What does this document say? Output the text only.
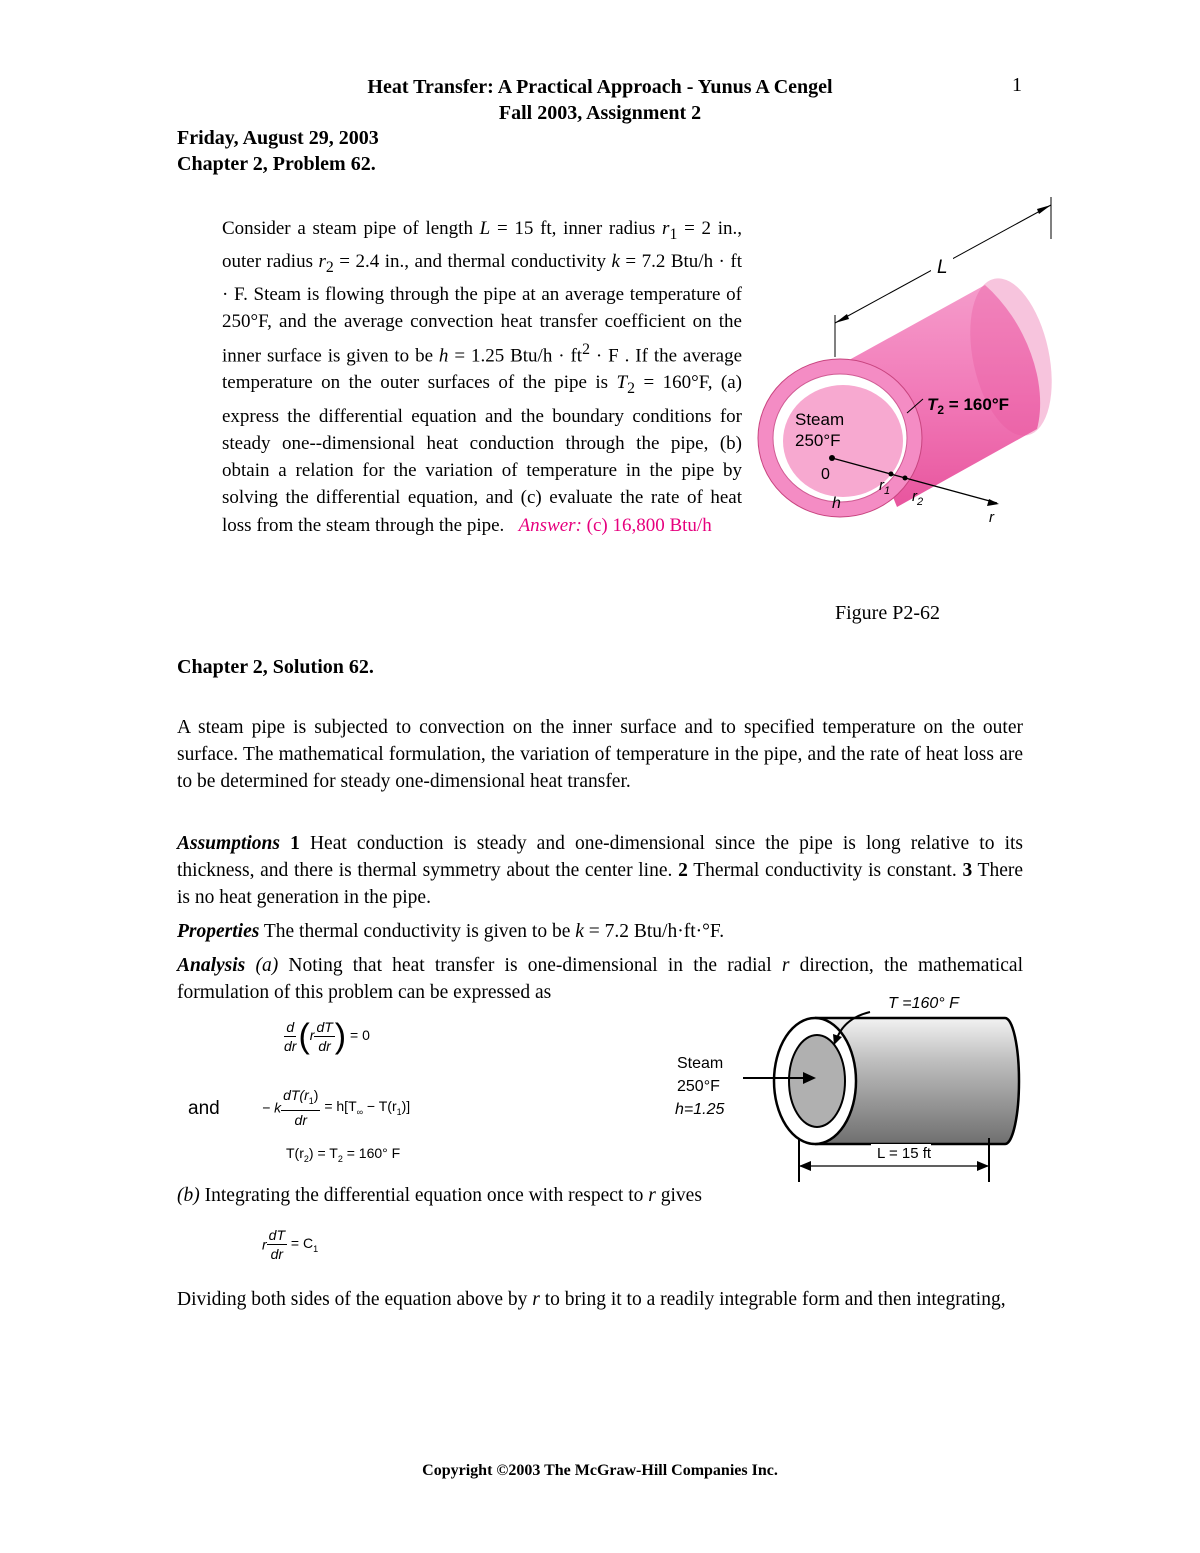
Heat Transfer: A Practical Approach - Yunus A Cengel	1
Fall 2003, Assignment 2
Friday, August 29, 2003
Chapter 2, Problem 62.
Consider a steam pipe of length L = 15 ft, inner radius $r_1 = 2$ in., outer radius $r_2 = 2.4$ in., and thermal conductivity k = 7.2 Btu/h · ft · F. Steam is flowing through the pipe at an average temperature of 250°F, and the average convection heat transfer coefficient on the inner surface is given to be h = 1.25 $Btu/h \cdot ft^2 \cdot F$ . If the average temperature on the outer surfaces of the pipe is $T_2 = 160^\circ F$, (a) express the differential equation and the boundary conditions for steady one--dimensional heat conduction through the pipe, (b) obtain a relation for the variation of temperature in the pipe by solving the differential equation, and (c) evaluate the rate of heat loss from the steam through the pipe. Answer: (c) 16,800 Btu/h
L
Steam
250°F
0
h
$r_1$ $r_2$
r
$T_2 = 160^\circ F$
Figure P2-62
Chapter 2, Solution 62.
A steam pipe is subjected to convection on the inner surface and to specified temperature on the outer surface. The mathematical formulation, the variation of temperature in the pipe, and the rate of heat loss are to be determined for steady one-dimensional heat transfer.
Assumptions 1 Heat conduction is steady and one-dimensional since the pipe is long relative to its thickness, and there is thermal symmetry about the center line. 2 Thermal conductivity is constant. 3 There is no heat generation in the pipe.
Properties The thermal conductivity is given to be k = 7.2 Btu/h·ft·°F.
Analysis (a) Noting that heat transfer is one-dimensional in the radial r direction, the mathematical formulation of this problem can be expressed as
$\frac{d}{dr} (r \frac{dT}{dr}$ ) = 0
and	− k $\frac{dT(r_1)}{dr} = h[T_\infty - T(r_1)]$
$T(r_2) = T_2 = 160^\circ$ F
T =160° F
Steam
250°F
h=1.25
L = 15 ft
(b) Integrating the differential equation once with respect to r gives
r $\frac{dT}{dr} = C_1$
Dividing both sides of the equation above by r to bring it to a readily integrable form and then integrating,
Copyright ©2003 The McGraw-Hill Companies Inc.
